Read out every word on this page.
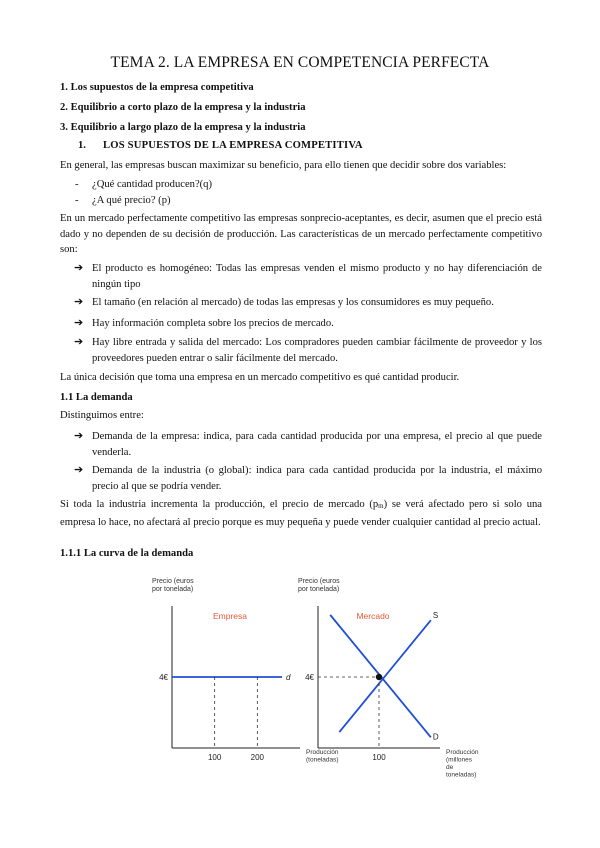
TEMA 2. LA EMPRESA EN COMPETENCIA PERFECTA
1. Los supuestos de la empresa competitiva
2. Equilibrio a corto plazo de la empresa y la industria
3. Equilibrio a largo plazo de la empresa y la industria
1. LOS SUPUESTOS DE LA EMPRESA COMPETITIVA
En general, las empresas buscan maximizar su beneficio, para ello tienen que decidir sobre dos variables:
- ¿Qué cantidad producen?(q)
- ¿A qué precio? (p)
En un mercado perfectamente competitivo las empresas sonprecio-aceptantes, es decir, asumen que el precio está dado y no dependen de su decisión de producción. Las características de un mercado perfectamente competitivo son:
➔ El producto es homogéneo: Todas las empresas venden el mismo producto y no hay diferenciación de ningún tipo
➔ El tamaño (en relación al mercado) de todas las empresas y los consumidores es muy pequeño.
➔ Hay información completa sobre los precios de mercado.
➔ Hay libre entrada y salida del mercado: Los compradores pueden cambiar fácilmente de proveedor y los proveedores pueden entrar o salir fácilmente del mercado.
La única decisión que toma una empresa en un mercado competitivo es qué cantidad producir.
1.1 La demanda
Distinguimos entre:
➔ Demanda de la empresa: indica, para cada cantidad producida por una empresa, el precio al que puede venderla.
➔ Demanda de la industria (o global): indica para cada cantidad producida por la industria, el máximo precio al que se podría vender.
Si toda la industria incrementa la producción, el precio de mercado (pm) se verá afectado pero si solo una empresa lo hace, no afectará al precio porque es muy pequeña y puede vender cualquier cantidad al precio actual.
1.1.1 La curva de la demanda
Precio (euros por tonelada)
Producción (toneladas)
Empresa
4€	d
100	200
Precio (euros por tonelada)
Producción (millones de toneladas)
Mercado
4€
S
D
100
